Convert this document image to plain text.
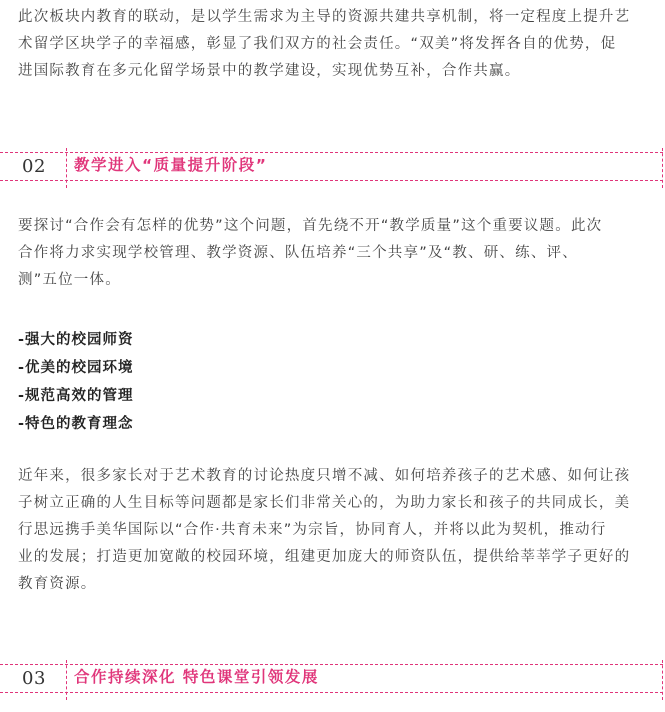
此次板块内教育的联动，是以学生需求为主导的资源共建共享机制，将一定程度上提升艺
术留学区块学子的幸福感，彰显了我们双方的社会责任。“双美”将发挥各自的优势，促
进国际教育在多元化留学场景中的教学建设，实现优势互补，合作共赢。

02 教学进入“质量提升阶段”

要探讨“合作会有怎样的优势”这个问题，首先绕不开“教学质量”这个重要议题。此次
合作将力求实现学校管理、教学资源、队伍培养“三个共享”及“教、研、练、评、
测”五位一体。

-强大的校园师资
-优美的校园环境
-规范高效的管理
-特色的教育理念

近年来，很多家长对于艺术教育的讨论热度只增不减、如何培养孩子的艺术感、如何让孩
子树立正确的人生目标等问题都是家长们非常关心的，为助力家长和孩子的共同成长，美
行思远携手美华国际以“合作·共育未来”为宗旨，协同育人，并将以此为契机，推动行
业的发展；打造更加宽敞的校园环境，组建更加庞大的师资队伍，提供给莘莘学子更好的
教育资源。

03 合作持续深化 特色课堂引领发展
